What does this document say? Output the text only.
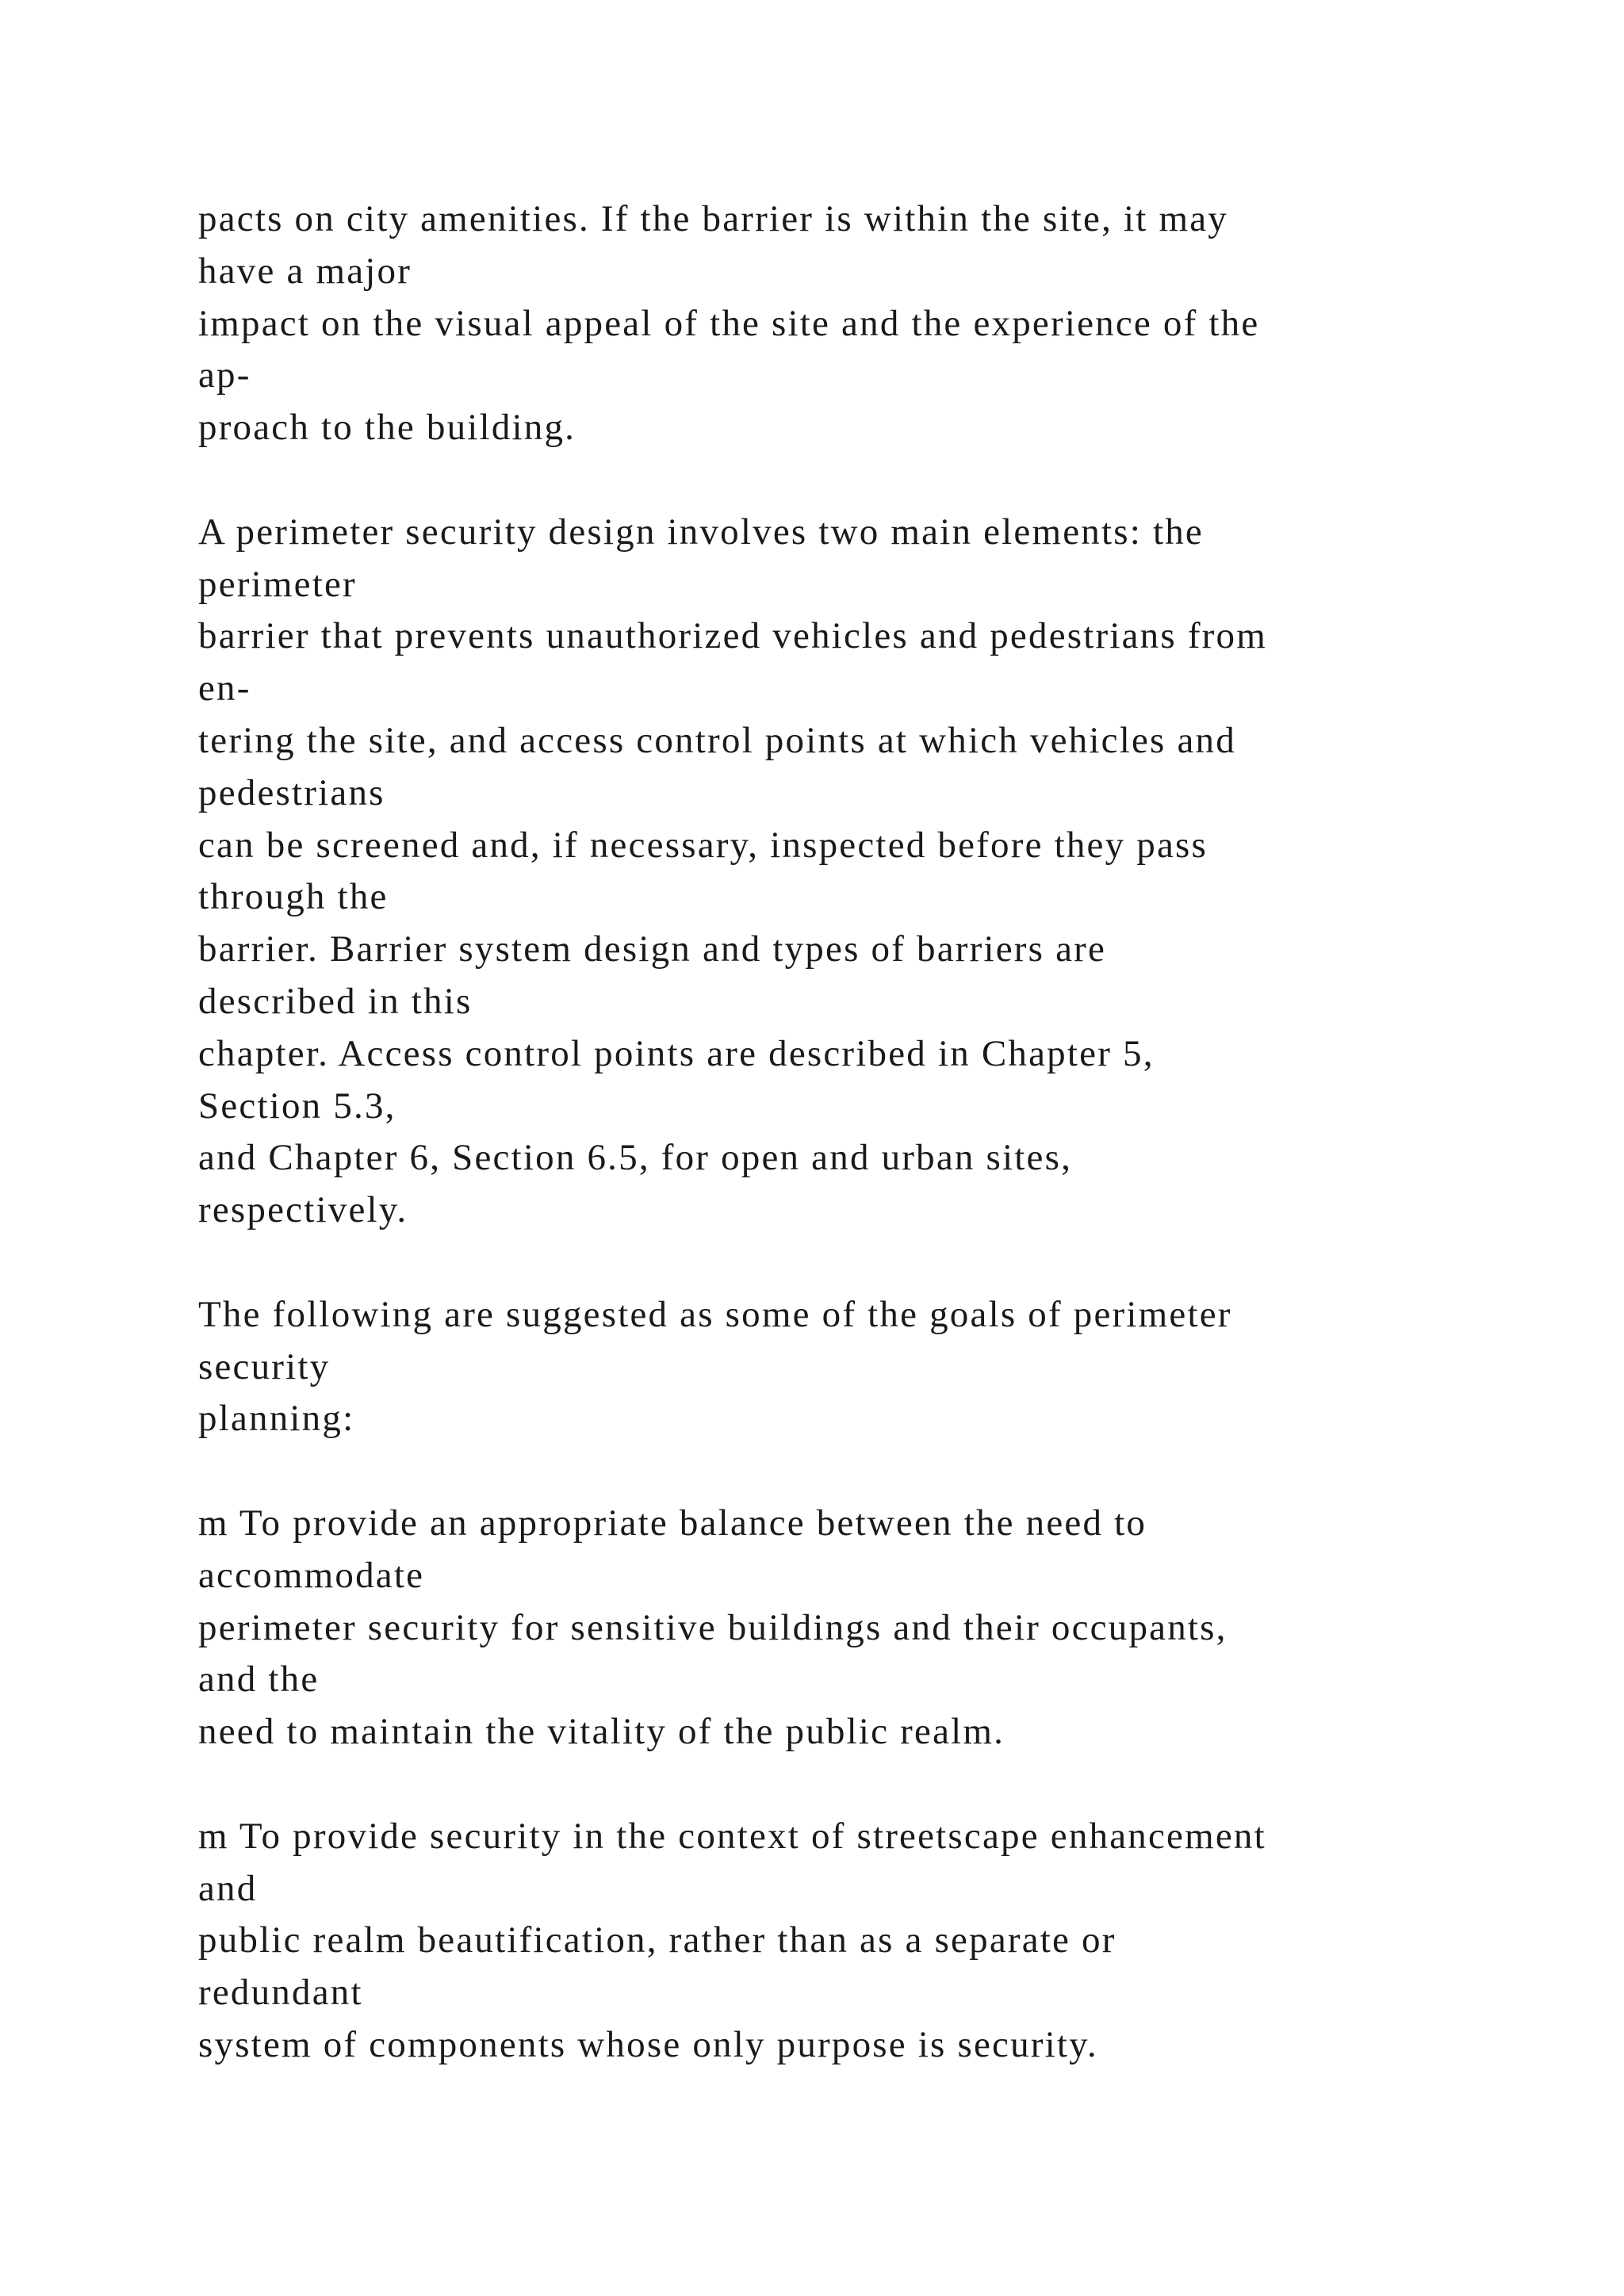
pacts on city amenities. If the barrier is within the site, it may
have a major
impact on the visual appeal of the site and the experience of the
ap-
proach to the building.
A perimeter security design involves two main elements: the
perimeter
barrier that prevents unauthorized vehicles and pedestrians from
en-
tering the site, and access control points at which vehicles and
pedestrians
can be screened and, if necessary, inspected before they pass
through the
barrier. Barrier system design and types of barriers are
described in this
chapter. Access control points are described in Chapter 5,
Section 5.3,
and Chapter 6, Section 6.5, for open and urban sites,
respectively.
The following are suggested as some of the goals of perimeter
security
planning:
m To provide an appropriate balance between the need to
accommodate
perimeter security for sensitive buildings and their occupants,
and the
need to maintain the vitality of the public realm.
m To provide security in the context of streetscape enhancement
and
public realm beautification, rather than as a separate or
redundant
system of components whose only purpose is security.
